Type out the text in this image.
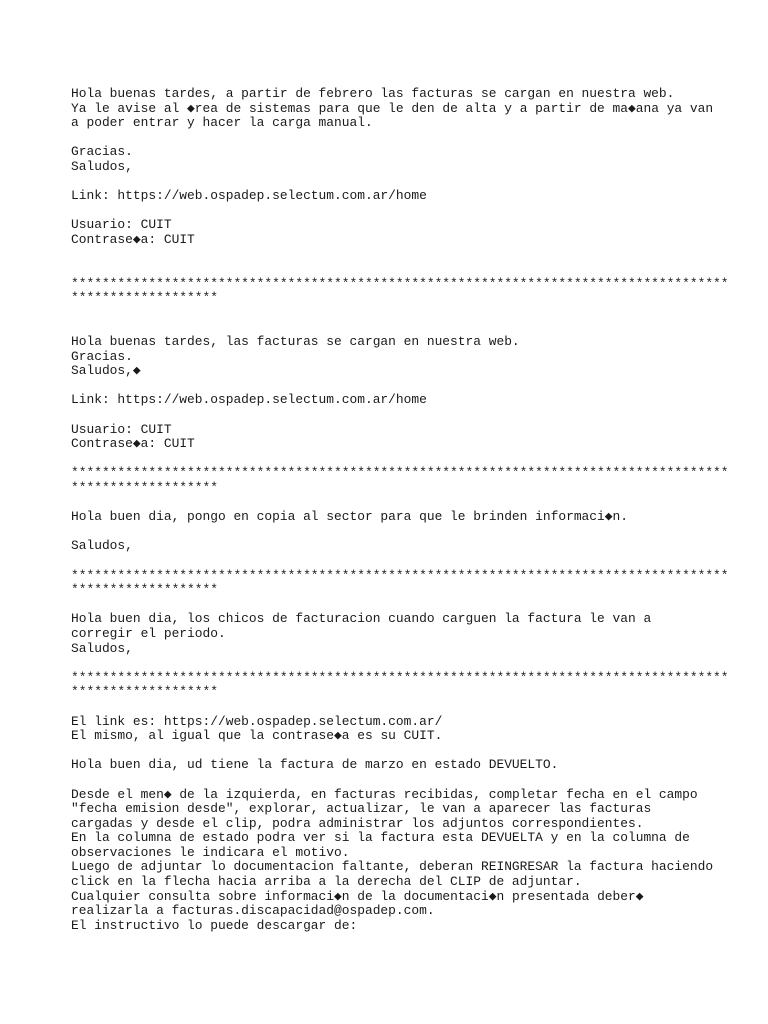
Hola buenas tardes, a partir de febrero las facturas se cargan en nuestra web.
Ya le avise al ◆rea de sistemas para que le den de alta y a partir de ma◆ana ya van
a poder entrar y hacer la carga manual.
Gracias.
Saludos,
Link: https://web.ospadep.selectum.com.ar/home
Usuario: CUIT
Contrase◆a: CUIT
*************************************************************************************
*******************
Hola buenas tardes, las facturas se cargan en nuestra web.
Gracias.
Saludos,◆
Link: https://web.ospadep.selectum.com.ar/home
Usuario: CUIT
Contrase◆a: CUIT
*************************************************************************************
*******************
Hola buen dia, pongo en copia al sector para que le brinden informaci◆n.
Saludos,
*************************************************************************************
*******************
Hola buen dia, los chicos de facturacion cuando carguen la factura le van a
corregir el periodo.
Saludos,
*************************************************************************************
*******************
El link es: https://web.ospadep.selectum.com.ar/
El mismo, al igual que la contrase◆a es su CUIT.
Hola buen dia, ud tiene la factura de marzo en estado DEVUELTO.
Desde el men◆ de la izquierda, en facturas recibidas, completar fecha en el campo
"fecha emision desde", explorar, actualizar, le van a aparecer las facturas
cargadas y desde el clip, podra administrar los adjuntos correspondientes.
En la columna de estado podra ver si la factura esta DEVUELTA y en la columna de
observaciones le indicara el motivo.
Luego de adjuntar lo documentacion faltante, deberan REINGRESAR la factura haciendo
click en la flecha hacia arriba a la derecha del CLIP de adjuntar.
Cualquier consulta sobre informaci◆n de la documentaci◆n presentada deber◆
realizarla a facturas.discapacidad@ospadep.com.
El instructivo lo puede descargar de:
